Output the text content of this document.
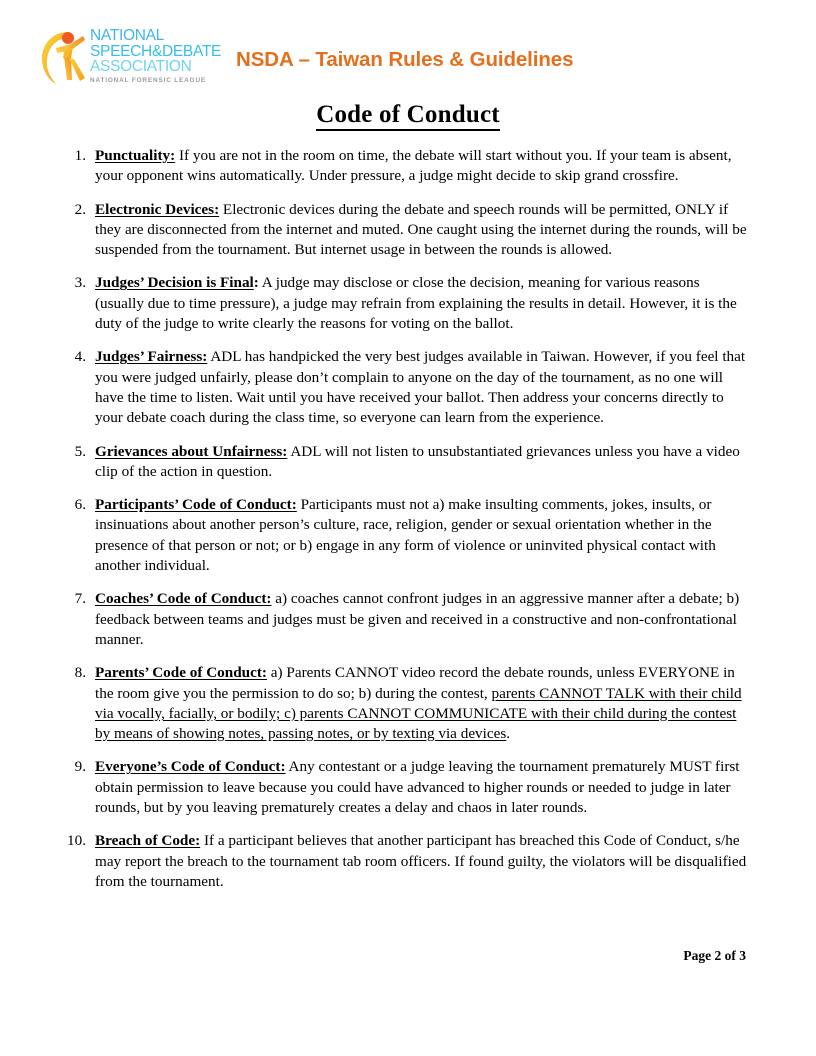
NATIONAL
SPEECH&DEBATE
ASSOCIATION
NATIONAL FORENSIC LEAGUE
NSDA – Taiwan Rules & Guidelines
Code of Conduct
1. Punctuality: If you are not in the room on time, the debate will start without you. If your team is absent, your opponent wins automatically. Under pressure, a judge might decide to skip grand crossfire.
2. Electronic Devices: Electronic devices during the debate and speech rounds will be permitted, ONLY if they are disconnected from the internet and muted. One caught using the internet during the rounds, will be suspended from the tournament. But internet usage in between the rounds is allowed.
3. Judges’ Decision is Final: A judge may disclose or close the decision, meaning for various reasons (usually due to time pressure), a judge may refrain from explaining the results in detail. However, it is the duty of the judge to write clearly the reasons for voting on the ballot.
4. Judges’ Fairness: ADL has handpicked the very best judges available in Taiwan. However, if you feel that you were judged unfairly, please don’t complain to anyone on the day of the tournament, as no one will have the time to listen. Wait until you have received your ballot. Then address your concerns directly to your debate coach during the class time, so everyone can learn from the experience.
5. Grievances about Unfairness: ADL will not listen to unsubstantiated grievances unless you have a video clip of the action in question.
6. Participants’ Code of Conduct: Participants must not a) make insulting comments, jokes, insults, or insinuations about another person’s culture, race, religion, gender or sexual orientation whether in the presence of that person or not; or b) engage in any form of violence or uninvited physical contact with another individual.
7. Coaches’ Code of Conduct: a) coaches cannot confront judges in an aggressive manner after a debate; b) feedback between teams and judges must be given and received in a constructive and non-confrontational manner.
8. Parents’ Code of Conduct: a) Parents CANNOT video record the debate rounds, unless EVERYONE in the room give you the permission to do so; b) during the contest, parents CANNOT TALK with their child via vocally, facially, or bodily; c) parents CANNOT COMMUNICATE with their child during the contest by means of showing notes, passing notes, or by texting via devices.
9. Everyone’s Code of Conduct: Any contestant or a judge leaving the tournament prematurely MUST first obtain permission to leave because you could have advanced to higher rounds or needed to judge in later rounds, but by you leaving prematurely creates a delay and chaos in later rounds.
10. Breach of Code: If a participant believes that another participant has breached this Code of Conduct, s/he may report the breach to the tournament tab room officers. If found guilty, the violators will be disqualified from the tournament.
Page 2 of 3
